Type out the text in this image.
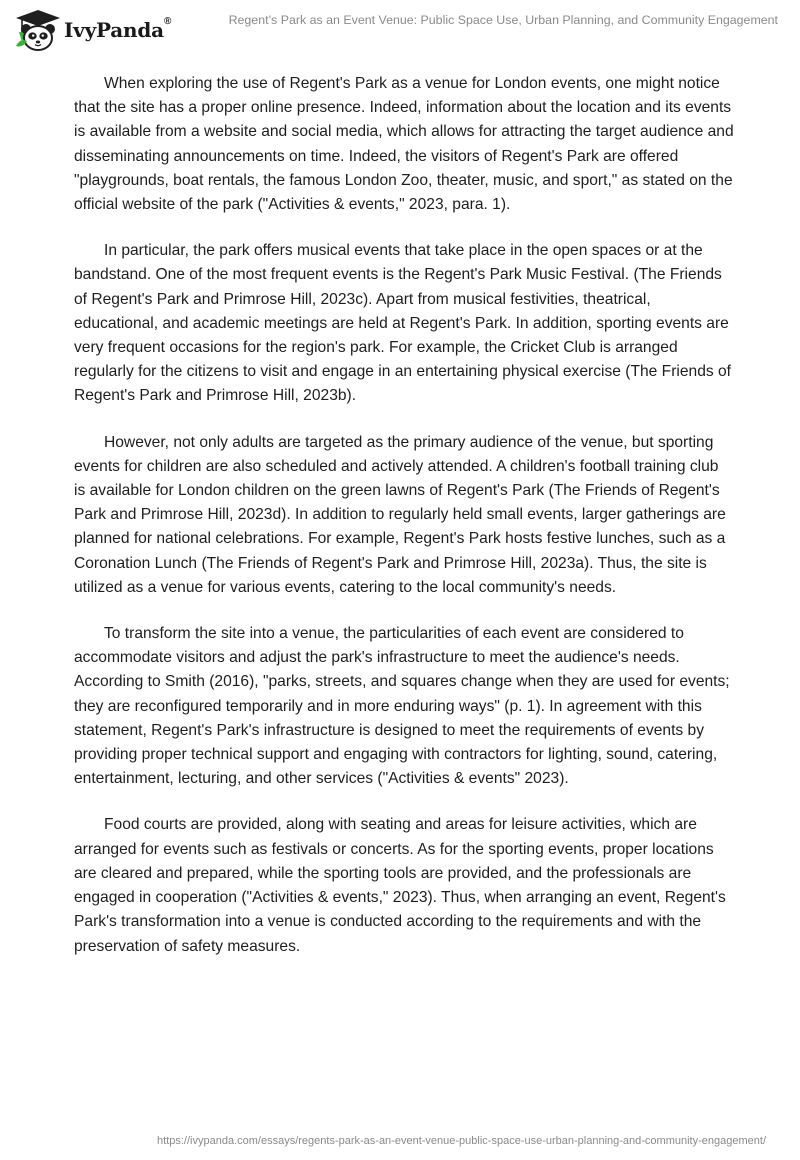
IvyPanda®	Regent’s Park as an Event Venue: Public Space Use, Urban Planning, and Community Engagement

When exploring the use of Regent's Park as a venue for London events, one might notice that the site has a proper online presence. Indeed, information about the location and its events is available from a website and social media, which allows for attracting the target audience and disseminating announcements on time. Indeed, the visitors of Regent's Park are offered "playgrounds, boat rentals, the famous London Zoo, theater, music, and sport," as stated on the official website of the park ("Activities & events," 2023, para. 1).

In particular, the park offers musical events that take place in the open spaces or at the bandstand. One of the most frequent events is the Regent's Park Music Festival. (The Friends of Regent's Park and Primrose Hill, 2023c). Apart from musical festivities, theatrical, educational, and academic meetings are held at Regent's Park. In addition, sporting events are very frequent occasions for the region's park. For example, the Cricket Club is arranged regularly for the citizens to visit and engage in an entertaining physical exercise (The Friends of Regent's Park and Primrose Hill, 2023b).

However, not only adults are targeted as the primary audience of the venue, but sporting events for children are also scheduled and actively attended. A children's football training club is available for London children on the green lawns of Regent's Park (The Friends of Regent's Park and Primrose Hill, 2023d). In addition to regularly held small events, larger gatherings are planned for national celebrations. For example, Regent's Park hosts festive lunches, such as a Coronation Lunch (The Friends of Regent's Park and Primrose Hill, 2023a). Thus, the site is utilized as a venue for various events, catering to the local community's needs.

To transform the site into a venue, the particularities of each event are considered to accommodate visitors and adjust the park's infrastructure to meet the audience's needs. According to Smith (2016), "parks, streets, and squares change when they are used for events; they are reconfigured temporarily and in more enduring ways" (p. 1). In agreement with this statement, Regent's Park's infrastructure is designed to meet the requirements of events by providing proper technical support and engaging with contractors for lighting, sound, catering, entertainment, lecturing, and other services ("Activities & events" 2023).

Food courts are provided, along with seating and areas for leisure activities, which are arranged for events such as festivals or concerts. As for the sporting events, proper locations are cleared and prepared, while the sporting tools are provided, and the professionals are engaged in cooperation ("Activities & events," 2023). Thus, when arranging an event, Regent's Park's transformation into a venue is conducted according to the requirements and with the preservation of safety measures.

https://ivypanda.com/essays/regents-park-as-an-event-venue-public-space-use-urban-planning-and-community-engagement/
